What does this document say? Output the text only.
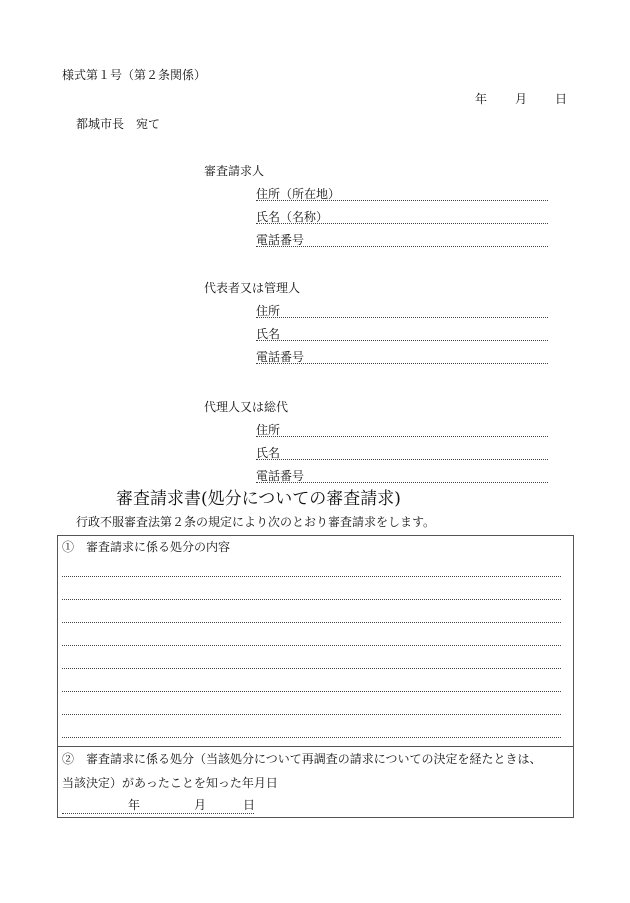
様式第１号（第２条関係）
年 月 日
都城市長　宛て
審査請求人
住所（所在地）
氏名（名称）
電話番号
代表者又は管理人
住所
氏名
電話番号
代理人又は総代
住所
氏名
電話番号
審査請求書(処分についての審査請求)
行政不服審査法第２条の規定により次のとおり審査請求をします。
①　審査請求に係る処分の内容
②　審査請求に係る処分（当該処分について再調査の請求についての決定を経たときは、
当該決定）があったことを知った年月日
年	月	日
